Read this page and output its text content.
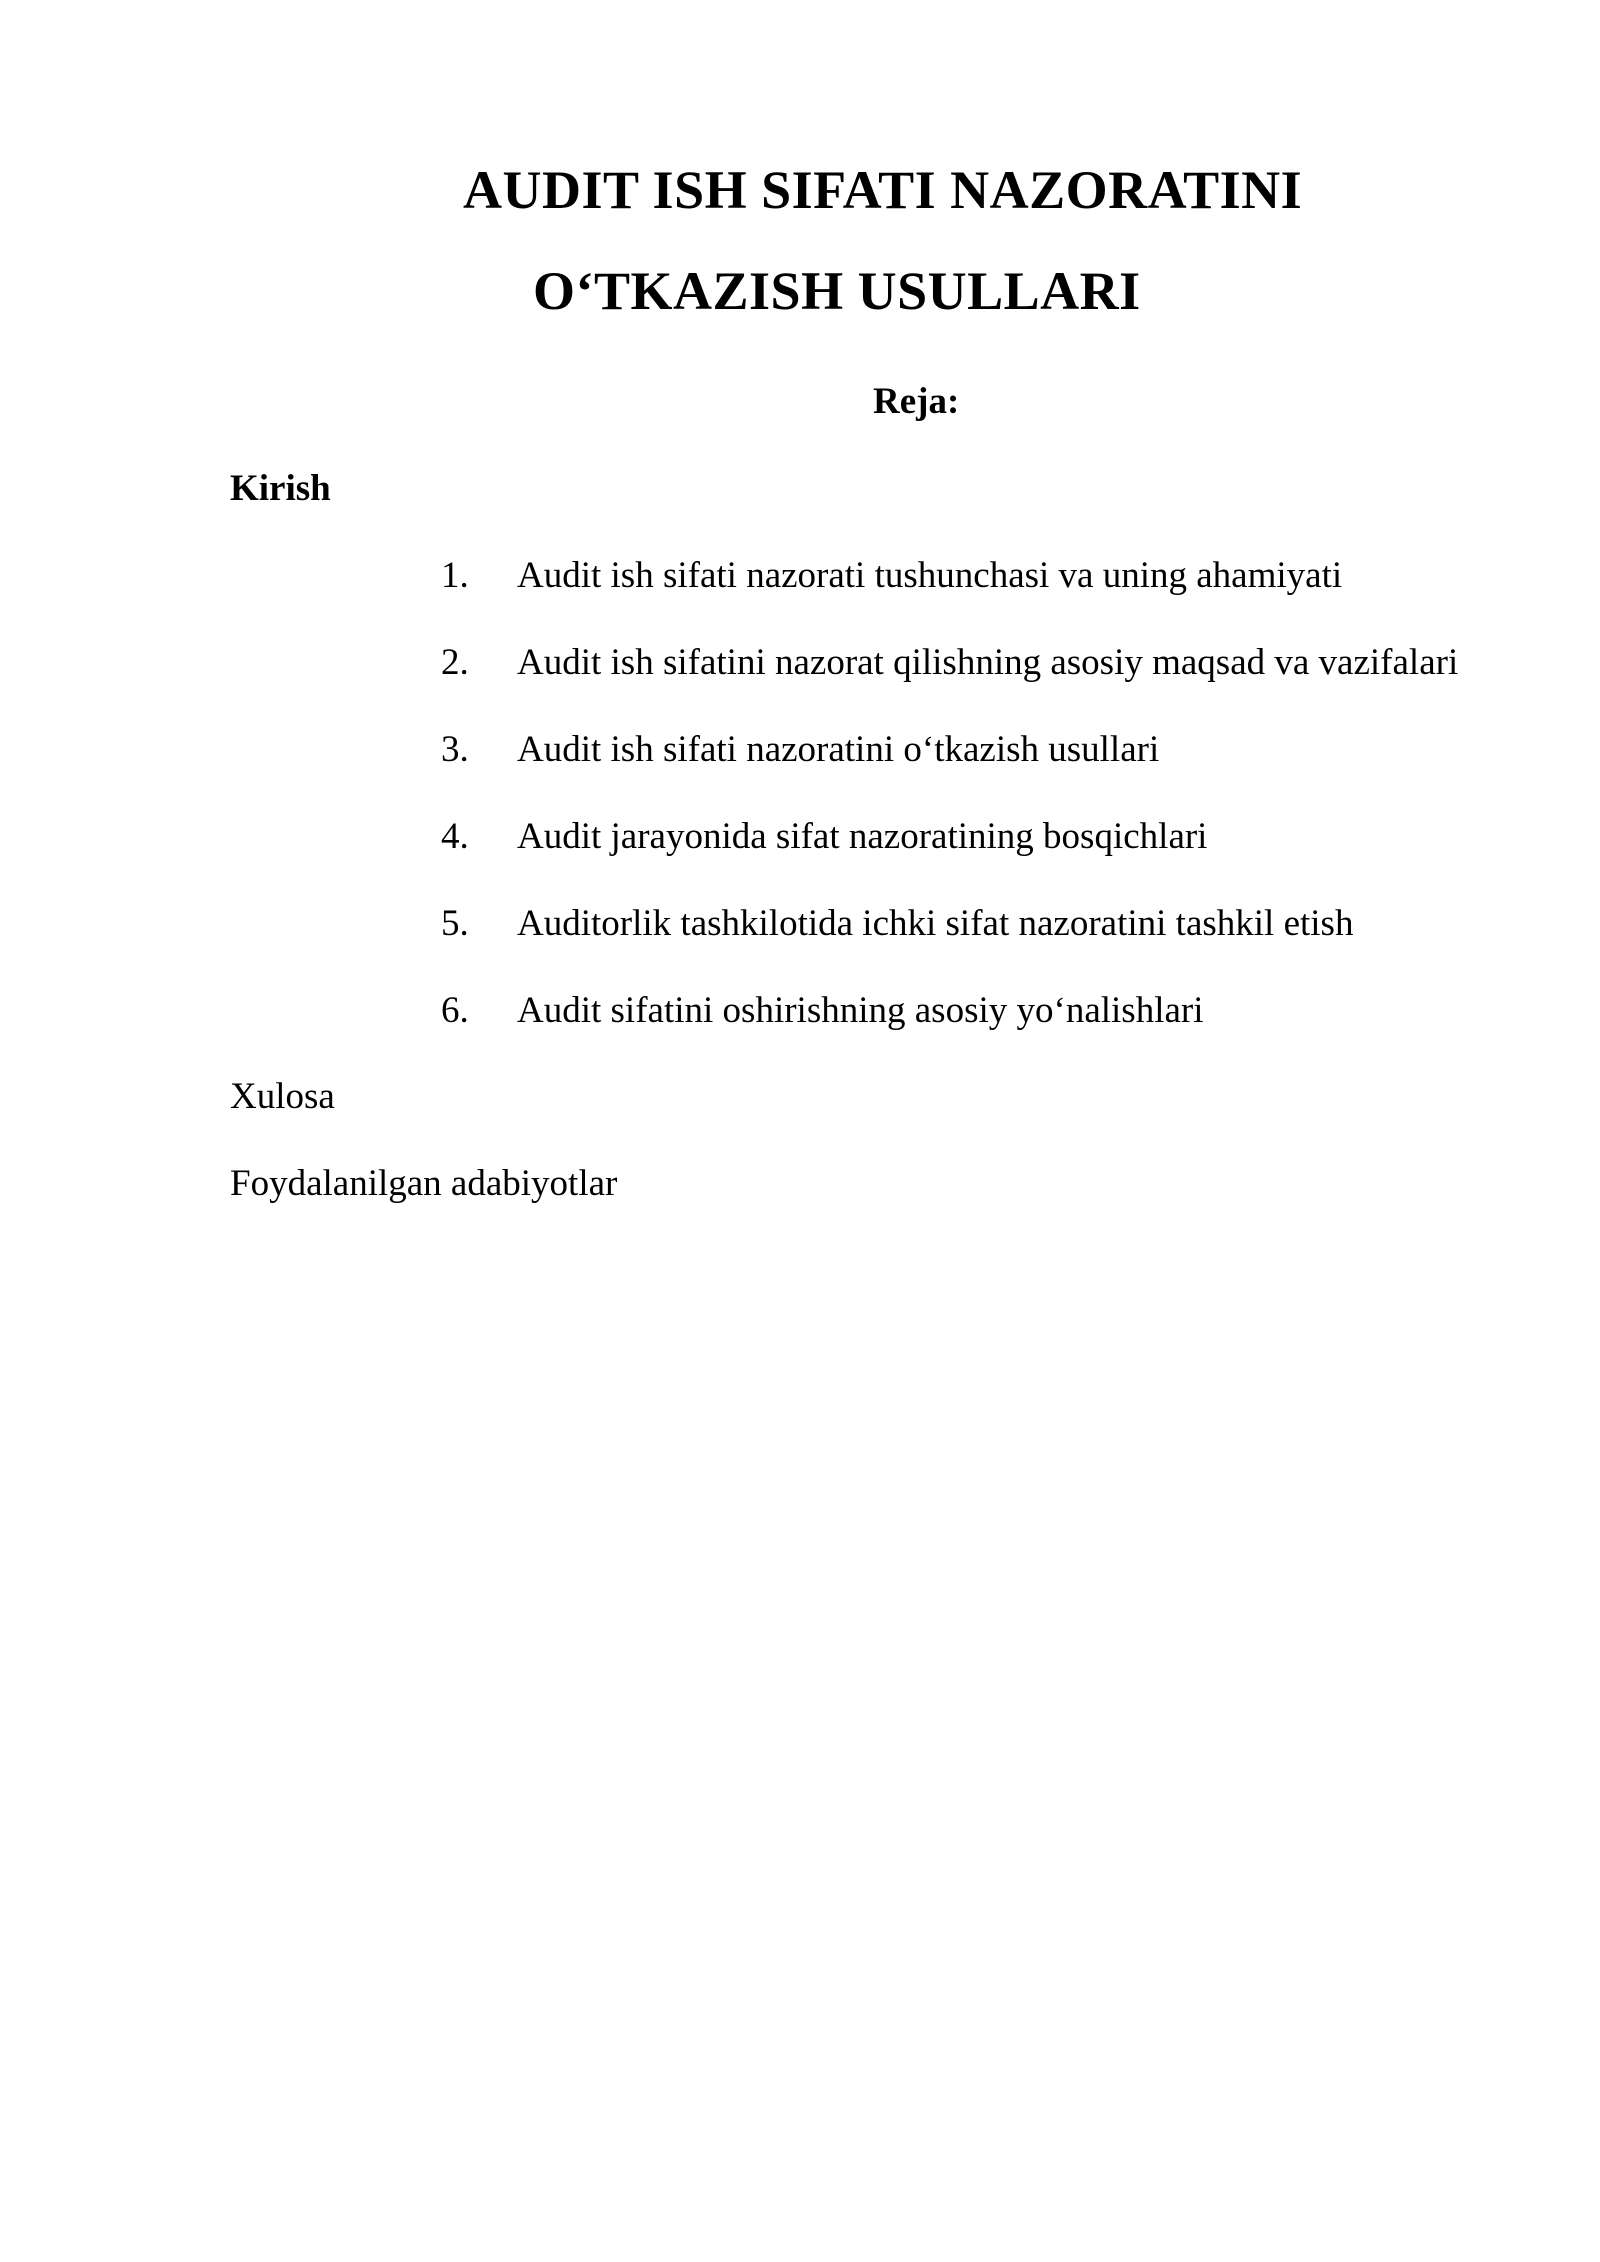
AUDIT ISH SIFATI NAZORATINI
O‘TKAZISH USULLARI
Reja:
Kirish
1. Audit ish sifati nazorati tushunchasi va uning ahamiyati
2. Audit ish sifatini nazorat qilishning asosiy maqsad va vazifalari
3. Audit ish sifati nazoratini o‘tkazish usullari
4. Audit jarayonida sifat nazoratining bosqichlari
5. Auditorlik tashkilotida ichki sifat nazoratini tashkil etish
6. Audit sifatini oshirishning asosiy yo‘nalishlari
Xulosa
Foydalanilgan adabiyotlar
